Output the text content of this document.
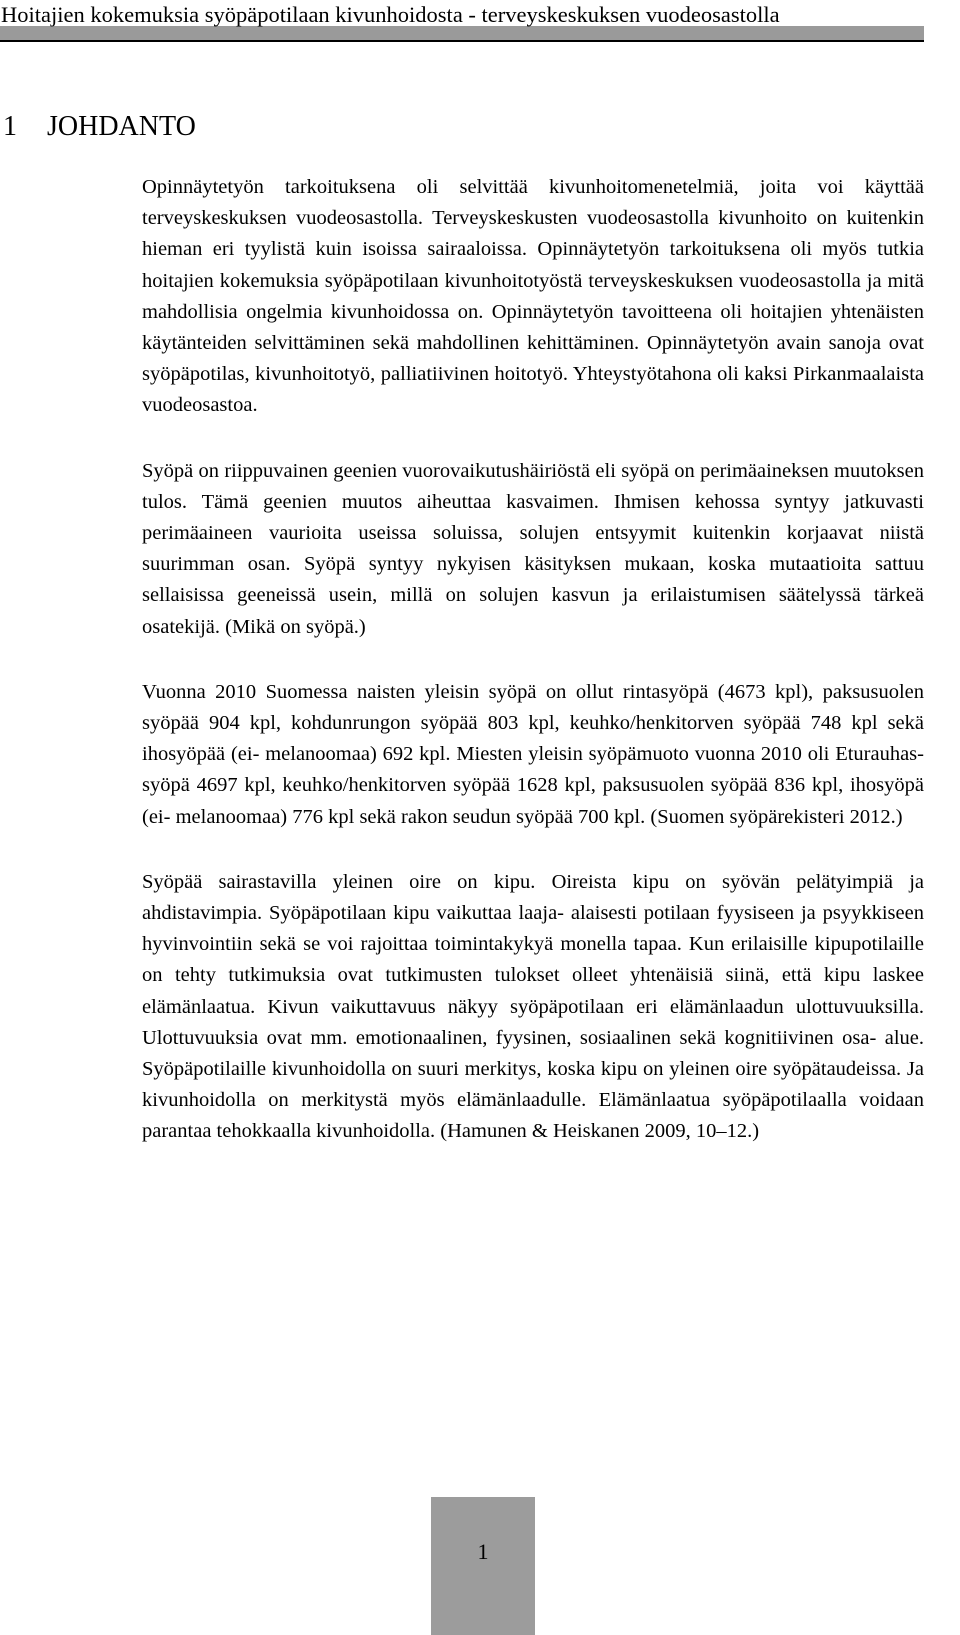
Hoitajien kokemuksia syöpäpotilaan kivunhoidosta - terveyskeskuksen vuodeosastolla
1 JOHDANTO

Opinnäytetyön tarkoituksena oli selvittää kivunhoitomenetelmiä, joita voi käyttää terveyskeskuksen vuodeosastolla. Terveyskeskusten vuodeosastolla kivunhoito on kuitenkin hieman eri tyylistä kuin isoissa sairaaloissa. Opinnäytetyön tarkoituksena oli myös tutkia hoitajien kokemuksia syöpäpotilaan kivunhoitotyöstä terveyskeskuksen vuodeosastolla ja mitä mahdollisia ongelmia kivunhoidossa on. Opinnäytetyön tavoitteena oli hoitajien yhtenäisten käytänteiden selvittäminen sekä mahdollinen kehittäminen. Opinnäytetyön avain sanoja ovat syöpäpotilas, kivunhoitotyö, palliatiivinen hoitotyö. Yhteystyötahona oli kaksi Pirkanmaalaista vuodeosastoa.

Syöpä on riippuvainen geenien vuorovaikutushäiriöstä eli syöpä on perimäaineksen muutoksen tulos. Tämä geenien muutos aiheuttaa kasvaimen. Ihmisen kehossa syntyy jatkuvasti perimäaineen vaurioita useissa soluissa, solujen entsyymit kuitenkin korjaavat niistä suurimman osan. Syöpä syntyy nykyisen käsityksen mukaan, koska mutaatioita sattuu sellaisissa geeneissä usein, millä on solujen kasvun ja erilaistumisen säätelyssä tärkeä osatekijä. (Mikä on syöpä.)

Vuonna 2010 Suomessa naisten yleisin syöpä on ollut rintasyöpä (4673 kpl), paksusuolen syöpää 904 kpl, kohdunrungon syöpää 803 kpl, keuhko/henkitorven syöpää 748 kpl sekä ihosyöpää (ei- melanoomaa) 692 kpl. Miesten yleisin syöpämuoto vuonna 2010 oli Eturauhas- syöpä 4697 kpl, keuhko/henkitorven syöpää 1628 kpl, paksusuolen syöpää 836 kpl, ihosyöpä (ei- melanoomaa) 776 kpl sekä rakon seudun syöpää 700 kpl. (Suomen syöpärekisteri 2012.)

Syöpää sairastavilla yleinen oire on kipu. Oireista kipu on syövän pelätyimpiä ja ahdistavimpia. Syöpäpotilaan kipu vaikuttaa laaja- alaisesti potilaan fyysiseen ja psyykkiseen hyvinvointiin sekä se voi rajoittaa toimintakykyä monella tapaa. Kun erilaisille kipupotilaille on tehty tutkimuksia ovat tutkimusten tulokset olleet yhtenäisiä siinä, että kipu laskee elämänlaatua. Kivun vaikuttavuus näkyy syöpäpotilaan eri elämänlaadun ulottuvuuksilla. Ulottuvuuksia ovat mm. emotionaalinen, fyysinen, sosiaalinen sekä kognitiivinen osa- alue. Syöpäpotilaille kivunhoidolla on suuri merkitys, koska kipu on yleinen oire syöpätaudeissa. Ja kivunhoidolla on merkitystä myös elämänlaadulle. Elämänlaatua syöpäpotilaalla voidaan parantaa tehokkaalla kivunhoidolla. (Hamunen & Heiskanen 2009, 10–12.)

1
